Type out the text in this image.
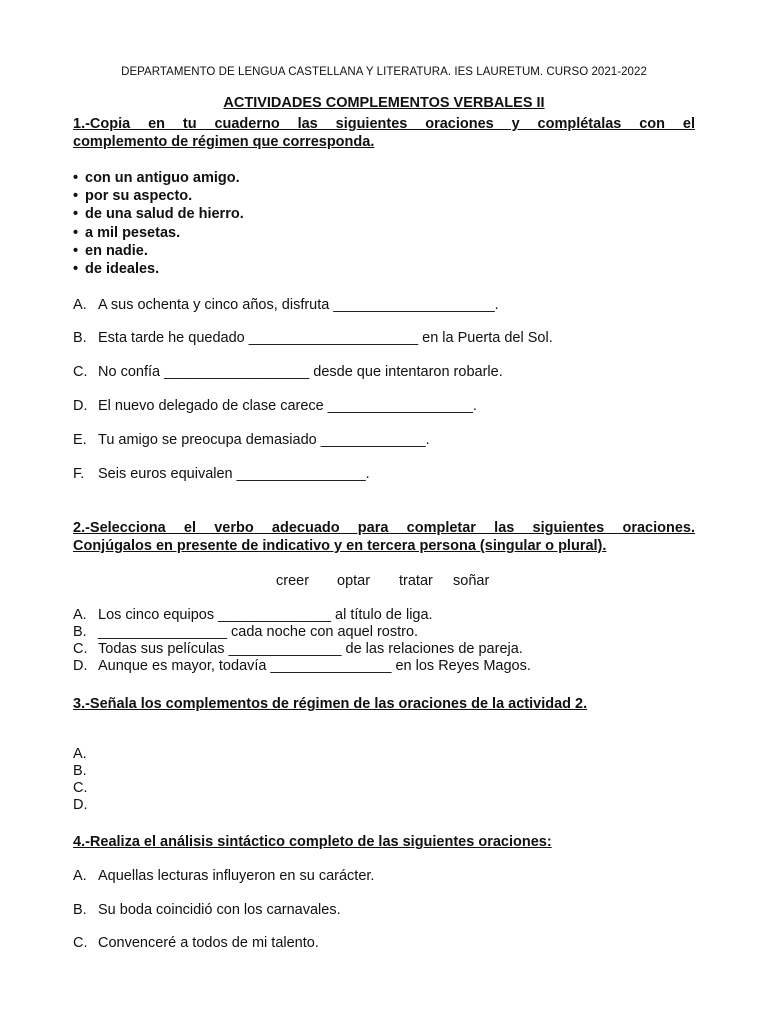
DEPARTAMENTO DE LENGUA CASTELLANA Y LITERATURA. IES LAURETUM. CURSO 2021-2022
ACTIVIDADES COMPLEMENTOS VERBALES II
1.-Copia en tu cuaderno las siguientes oraciones y complétalas con el
complemento de régimen que corresponda.
• con un antiguo amigo.
• por su aspecto.
• de una salud de hierro.
• a mil pesetas.
• en nadie.
• de ideales.
A. A sus ochenta y cinco años, disfruta ____________________.
B. Esta tarde he quedado _____________________ en la Puerta del Sol.
C. No confía __________________ desde que intentaron robarle.
D. El nuevo delegado de clase carece __________________.
E. Tu amigo se preocupa demasiado _____________.
F. Seis euros equivalen ________________.
2.-Selecciona el verbo adecuado para completar las siguientes oraciones.
Conjúgalos en presente de indicativo y en tercera persona (singular o plural).
creer optar tratar soñar
A. Los cinco equipos ______________ al título de liga.
B. ________________ cada noche con aquel rostro.
C. Todas sus películas ______________ de las relaciones de pareja.
D. Aunque es mayor, todavía _______________ en los Reyes Magos.
3.-Señala los complementos de régimen de las oraciones de la actividad 2.
A.
B.
C.
D.
4.-Realiza el análisis sintáctico completo de las siguientes oraciones:
A. Aquellas lecturas influyeron en su carácter.
B. Su boda coincidió con los carnavales.
C. Convenceré a todos de mi talento.
